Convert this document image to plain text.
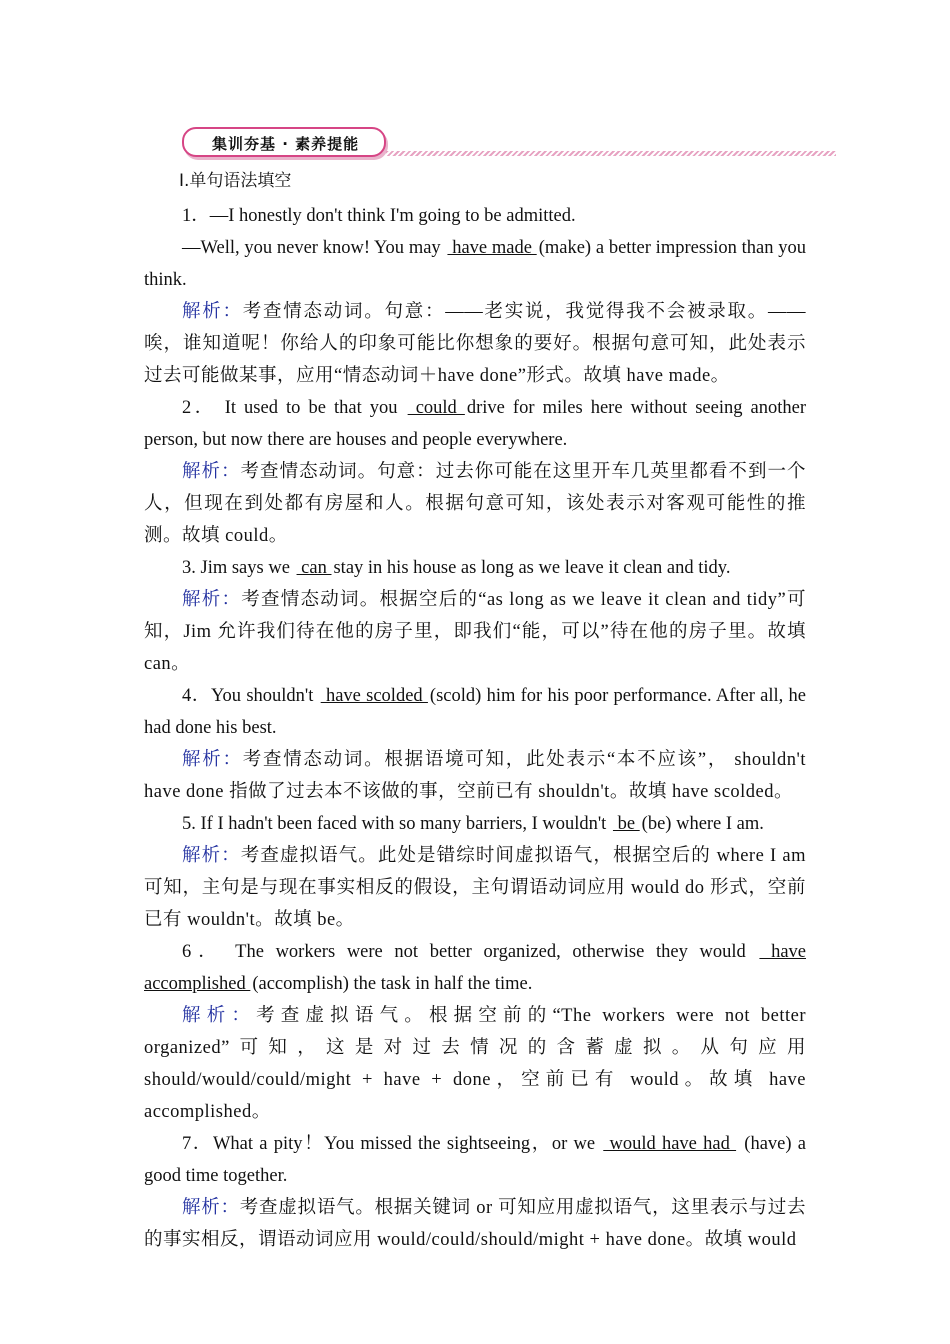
集训夯基 · 素养提能
Ⅰ.单句语法填空

1．—I honestly don't think I'm going to be admitted.

—Well, you never know! You may  have made (make) a better impression than you think.

解析：考查情态动词。句意：——老实说，我觉得我不会被录取。——唉，谁知道呢！你给人的印象可能比你想象的要好。根据句意可知，此处表示过去可能做某事，应用“情态动词＋have done”形式。故填 have made。

2． It used to be that you  could drive for miles here without seeing another person, but now there are houses and people everywhere.

解析：考查情态动词。句意：过去你可能在这里开车几英里都看不到一个人，但现在到处都有房屋和人。根据句意可知，该处表示对客观可能性的推测。故填 could。

3. Jim says we  can stay in his house as long as we leave it clean and tidy.

解析：考查情态动词。根据空后的“as long as we leave it clean and tidy”可知，Jim 允许我们待在他的房子里，即我们“能，可以”待在他的房子里。故填 can。

4．You shouldn't  have scolded (scold) him for his poor performance. After all, he had done his best.

解析：考查情态动词。根据语境可知，此处表示“本不应该”， shouldn't have done 指做了过去本不该做的事，空前已有 shouldn't。故填 have scolded。

5. If I hadn't been faced with so many barriers, I wouldn't  be (be) where I am.

解析：考查虚拟语气。此处是错综时间虚拟语气，根据空后的 where I am 可知，主句是与现在事实相反的假设，主句谓语动词应用 would do 形式，空前已有 wouldn't。故填 be。

6． The workers were not better organized, otherwise they would  have accomplished (accomplish) the task in half the time.

解析：考查虚拟语气。根据空前的“The workers were not better organized”可知，这是对过去情况的含蓄虚拟。从句应用 should/would/could/might + have + done，空前已有 would。故填 have accomplished。

7．What a pity！You missed the sightseeing，or we  would have had  (have) a good time together.

解析：考查虚拟语气。根据关键词 or 可知应用虚拟语气，这里表示与过去的事实相反，谓语动词应用 would/could/should/might + have done。故填 would
